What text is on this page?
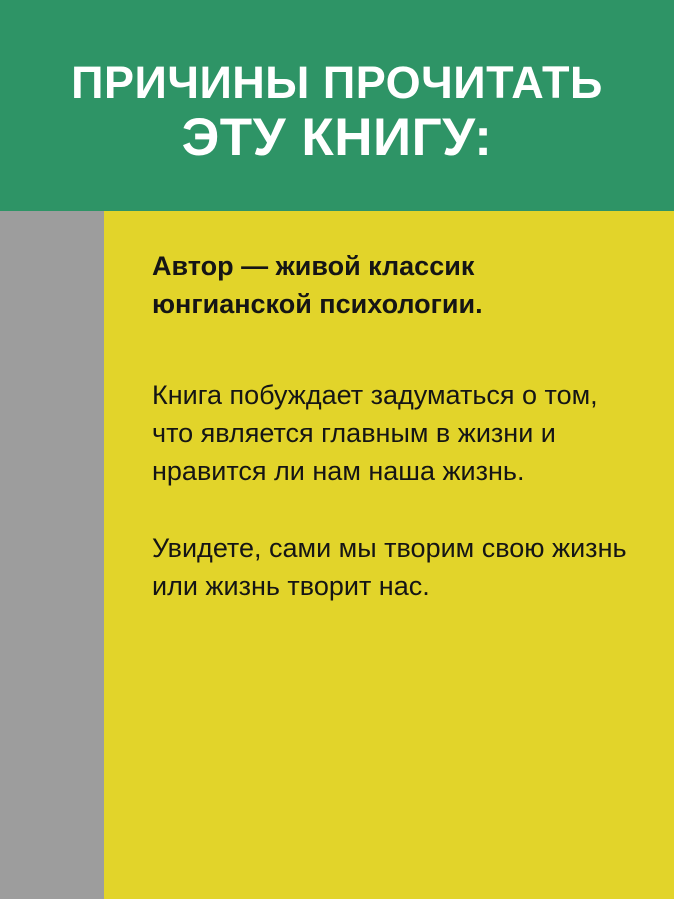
ПРИЧИНЫ ПРОЧИТАТЬ
ЭТУ КНИГУ:

Автор — живой классик юнгианской психологии.

Книга побуждает задуматься о том, что является главным в жизни и нравится ли нам наша жизнь.

Увидете, сами мы творим свою жизнь или жизнь творит нас.
